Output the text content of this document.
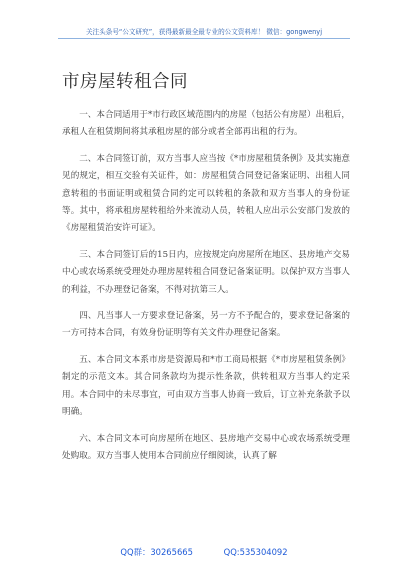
关注头条号“公文研究”，获得最新最全最专业的公文资料库！ 微信：gongwenyj
市房屋转租合同

一、本合同适用于*市行政区域范围内的房屋（包括公有房屋）出租后，承租人在租赁期间将其承租房屋的部分或者全部再出租的行为。

二、本合同签订前，双方当事人应当按《*市房屋租赁条例》及其实施意见的规定，相互交验有关证件，如：房屋租赁合同登记备案证明、出租人同意转租的书面证明或租赁合同约定可以转租的条款和双方当事人的身份证等。其中，将承租房屋转租给外来流动人员，转租人应出示公安部门发放的《房屋租赁治安许可证》。

三、本合同签订后的15日内，应按规定向房屋所在地区、县房地产交易中心或农场系统受理处办理房屋转租合同登记备案证明。以保护双方当事人的利益，不办理登记备案，不得对抗第三人。

四、凡当事人一方要求登记备案，另一方不予配合的，要求登记备案的一方可持本合同，有效身份证明等有关文件办理登记备案。

五、本合同文本系市房是资源局和*市工商局根据《*市房屋租赁条例》制定的示范文本。其合同条款均为提示性条款，供转租双方当事人约定采用。本合同中的未尽事宜，可由双方当事人协商一致后，订立补充条款予以明确。

六、本合同文本可向房屋所在地区、县房地产交易中心或农场系统受理处购取。双方当事人使用本合同前应仔细阅读，认真了解

QQ群：30265665	QQ:535304092
